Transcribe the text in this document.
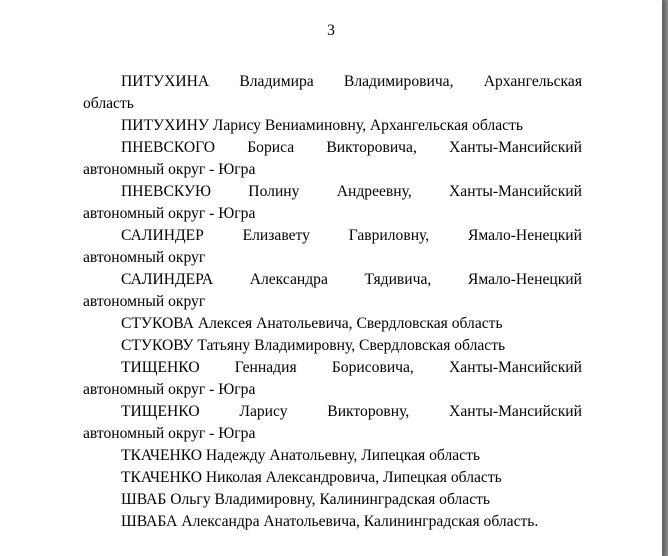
3

ПИТУХИНА Владимира Владимировича, Архангельская
область

ПИТУХИНУ Ларису Вениаминовну, Архангельская область

ПНЕВСКОГО Бориса Викторовича, Ханты-Мансийский
автономный округ - Югра

ПНЕВСКУЮ Полину Андреевну, Ханты-Мансийский
автономный округ - Югра

САЛИНДЕР Елизавету Гавриловну, Ямало-Ненецкий
автономный округ

САЛИНДЕРА Александра Тядивича, Ямало-Ненецкий
автономный округ

СТУКОВА Алексея Анатольевича, Свердловская область

СТУКОВУ Татьяну Владимировну, Свердловская область

ТИЩЕНКО Геннадия Борисовича, Ханты-Мансийский
автономный округ - Югра

ТИЩЕНКО Ларису Викторовну, Ханты-Мансийский
автономный округ - Югра

ТКАЧЕНКО Надежду Анатольевну, Липецкая область

ТКАЧЕНКО Николая Александровича, Липецкая область

ШВАБ Ольгу Владимировну, Калининградская область

ШВАБА Александра Анатольевича, Калининградская область.
